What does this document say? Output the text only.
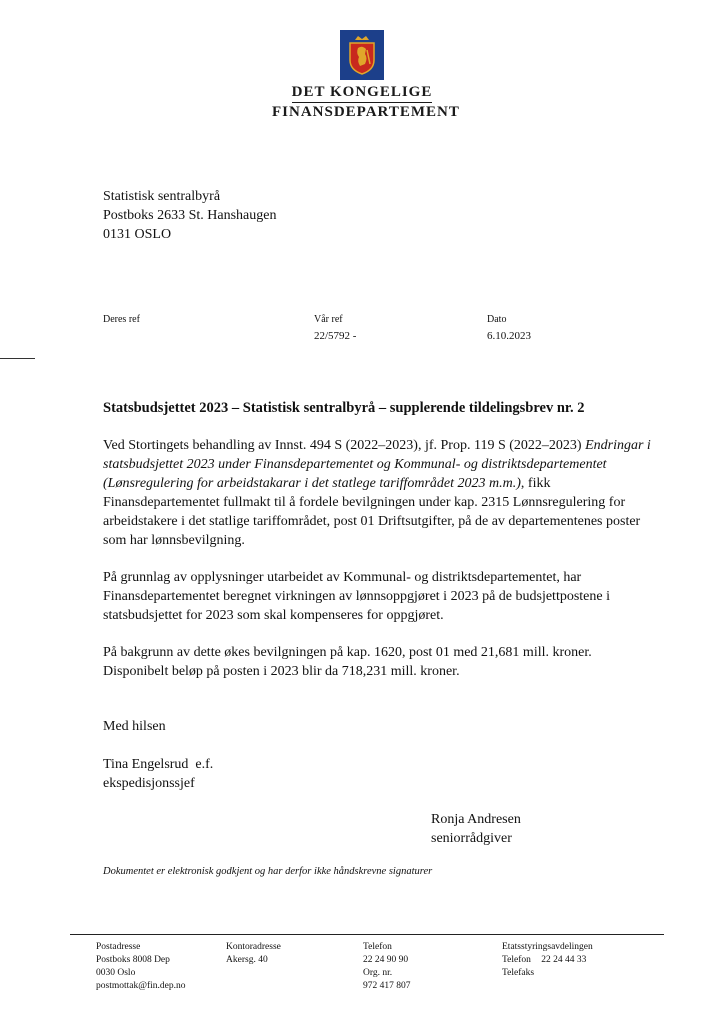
DET KONGELIGE
FINANSDEPARTEMENT
Statistisk sentralbyrå
Postboks 2633 St. Hanshaugen
0131 OSLO
Deres ref	Vår ref
22/5792 -
Dato
6.10.2023
Statsbudsjettet 2023 – Statistisk sentralbyrå – supplerende tildelingsbrev nr. 2

Ved Stortingets behandling av Innst. 494 S (2022–2023), jf. Prop. 119 S (2022–2023) Endringar i statsbudsjettet 2023 under Finansdepartementet og Kommunal- og distriktsdepartementet (Lønsregulering for arbeidstakarar i det statlege tariffområdet 2023 m.m.), fikk Finansdepartementet fullmakt til å fordele bevilgningen under kap. 2315 Lønnsregulering for arbeidstakere i det statlige tariffområdet, post 01 Driftsutgifter, på de av departementenes poster som har lønnsbevilgning.

På grunnlag av opplysninger utarbeidet av Kommunal- og distriktsdepartementet, har Finansdepartementet beregnet virkningen av lønnsoppgjøret i 2023 på de budsjettpostene i statsbudsjettet for 2023 som skal kompenseres for oppgjøret.

På bakgrunn av dette økes bevilgningen på kap. 1620, post 01 med 21,681 mill. kroner.
Disponibelt beløp på posten i 2023 blir da 718,231 mill. kroner.
Med hilsen
Tina Engelsrud  e.f.
ekspedisjonssjef
Ronja Andresen
seniorrådgiver
Dokumentet er elektronisk godkjent og har derfor ikke håndskrevne signaturer
Postadresse
Postboks 8008 Dep
0030 Oslo
postmottak@fin.dep.no
Kontoradresse
Akersg. 40
Telefon
22 24 90 90
Org. nr.
972 417 807
Etatsstyringsavdelingen
Telefon 22 24 44 33
Telefaks
